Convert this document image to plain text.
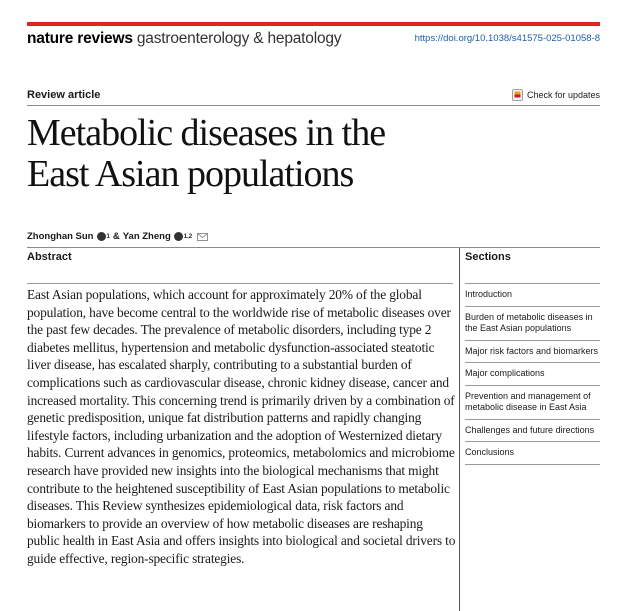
nature reviews gastroenterology & hepatology	https://doi.org/10.1038/s41575-025-01058-8
Review article	Check for updates
Metabolic diseases in the
East Asian populations
Zhonghan Sun 1 & Yan Zheng 1,2
Abstract

East Asian populations, which account for approximately 20% of the global population, have become central to the worldwide rise of metabolic diseases over the past few decades. The prevalence of metabolic disorders, including type 2 diabetes mellitus, hypertension and metabolic dysfunction-associated steatotic liver disease, has escalated sharply, contributing to a substantial burden of complications such as cardiovascular disease, chronic kidney disease, cancer and increased mortality. This concerning trend is primarily driven by a combination of genetic predisposition, unique fat distribution patterns and rapidly changing lifestyle factors, including urbanization and the adoption of Westernized dietary habits. Current advances in genomics, proteomics, metabolomics and microbiome research have provided new insights into the biological mechanisms that might contribute to the heightened susceptibility of East Asian populations to metabolic diseases. This Review synthesizes epidemiological data, risk factors and biomarkers to provide an overview of how metabolic diseases are reshaping public health in East Asia and offers insights into biological and societal drivers to guide effective, region-specific strategies.

Sections
Introduction
Burden of metabolic diseases in the East Asian populations
Major risk factors and biomarkers
Major complications
Prevention and management of metabolic disease in East Asia
Challenges and future directions
Conclusions
